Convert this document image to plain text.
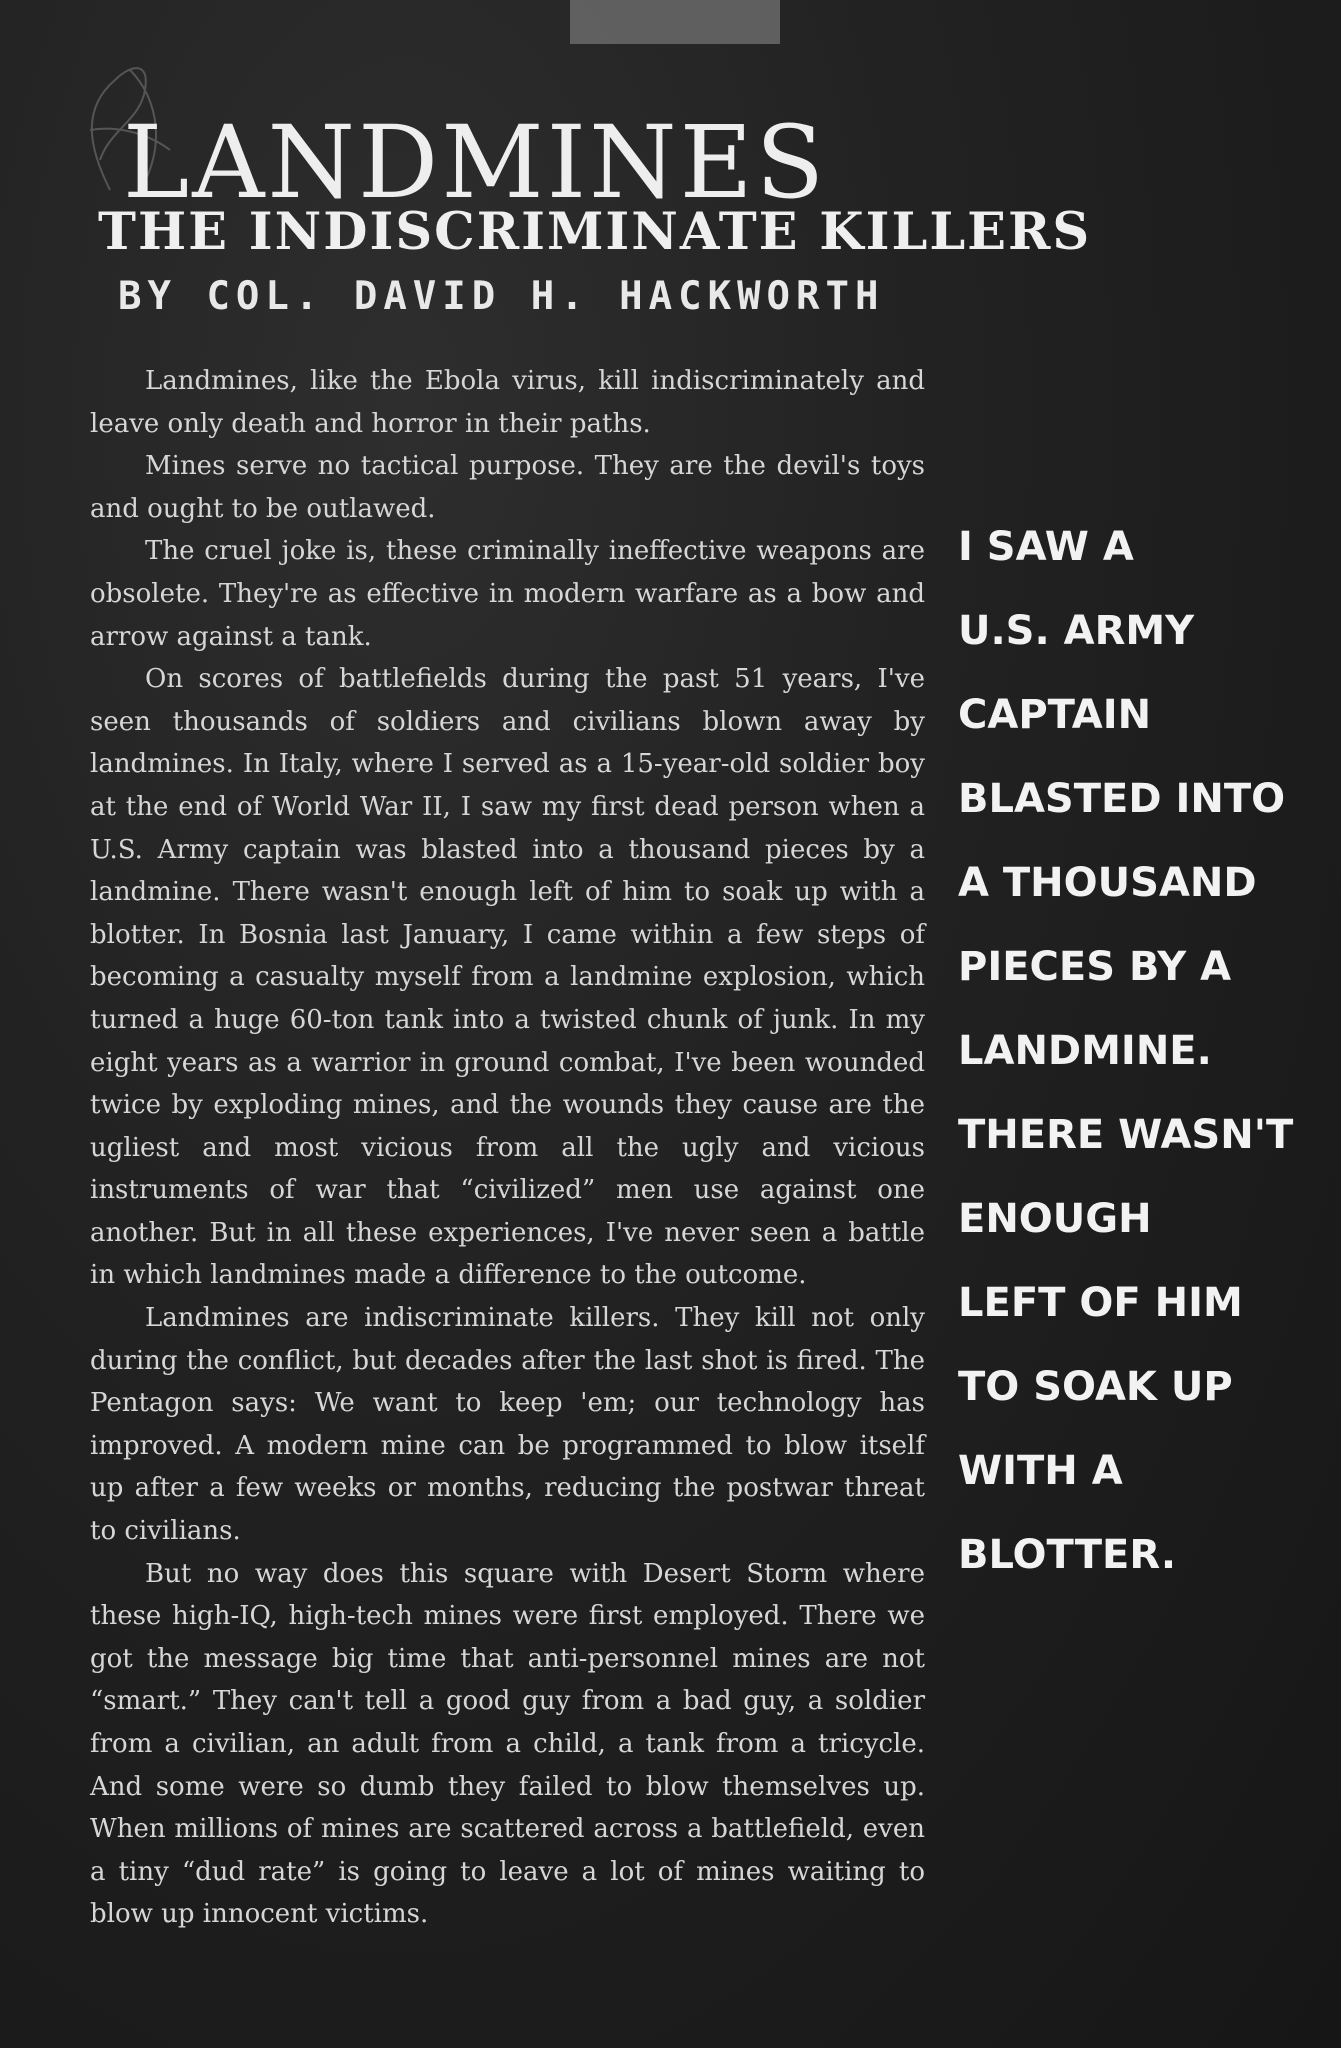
LANDMINES
THE INDISCRIMINATE KILLERS
BY COL. DAVID H. HACKWORTH

Landmines, like the Ebola virus, kill indiscriminately and leave only death and horror in their paths.

Mines serve no tactical purpose. They are the devil's toys and ought to be outlawed.

The cruel joke is, these criminally ineffective weapons are obsolete. They're as effective in modern warfare as a bow and arrow against a tank.

On scores of battlefields during the past 51 years, I've seen thousands of soldiers and civilians blown away by landmines. In Italy, where I served as a 15-year-old soldier boy at the end of World War II, I saw my first dead person when a U.S. Army captain was blasted into a thousand pieces by a landmine. There wasn't enough left of him to soak up with a blotter. In Bosnia last January, I came within a few steps of becoming a casualty myself from a landmine explosion, which turned a huge 60-ton tank into a twisted chunk of junk. In my eight years as a warrior in ground combat, I've been wounded twice by exploding mines, and the wounds they cause are the ugliest and most vicious from all the ugly and vicious instruments of war that “civilized” men use against one another. But in all these experiences, I've never seen a battle in which landmines made a difference to the outcome.

Landmines are indiscriminate killers. They kill not only during the conflict, but decades after the last shot is fired. The Pentagon says: We want to keep 'em; our technology has improved. A modern mine can be programmed to blow itself up after a few weeks or months, reducing the postwar threat to civilians.

But no way does this square with Desert Storm where these high-IQ, high-tech mines were first employed. There we got the message big time that anti-personnel mines are not “smart.” They can't tell a good guy from a bad guy, a soldier from a civilian, an adult from a child, a tank from a tricycle. And some were so dumb they failed to blow themselves up. When millions of mines are scattered across a battlefield, even a tiny “dud rate” is going to leave a lot of mines waiting to blow up innocent victims.

I SAW A
U.S. ARMY
CAPTAIN
BLASTED INTO
A THOUSAND
PIECES BY A
LANDMINE.
THERE WASN'T
ENOUGH
LEFT OF HIM
TO SOAK UP
WITH A
BLOTTER.
